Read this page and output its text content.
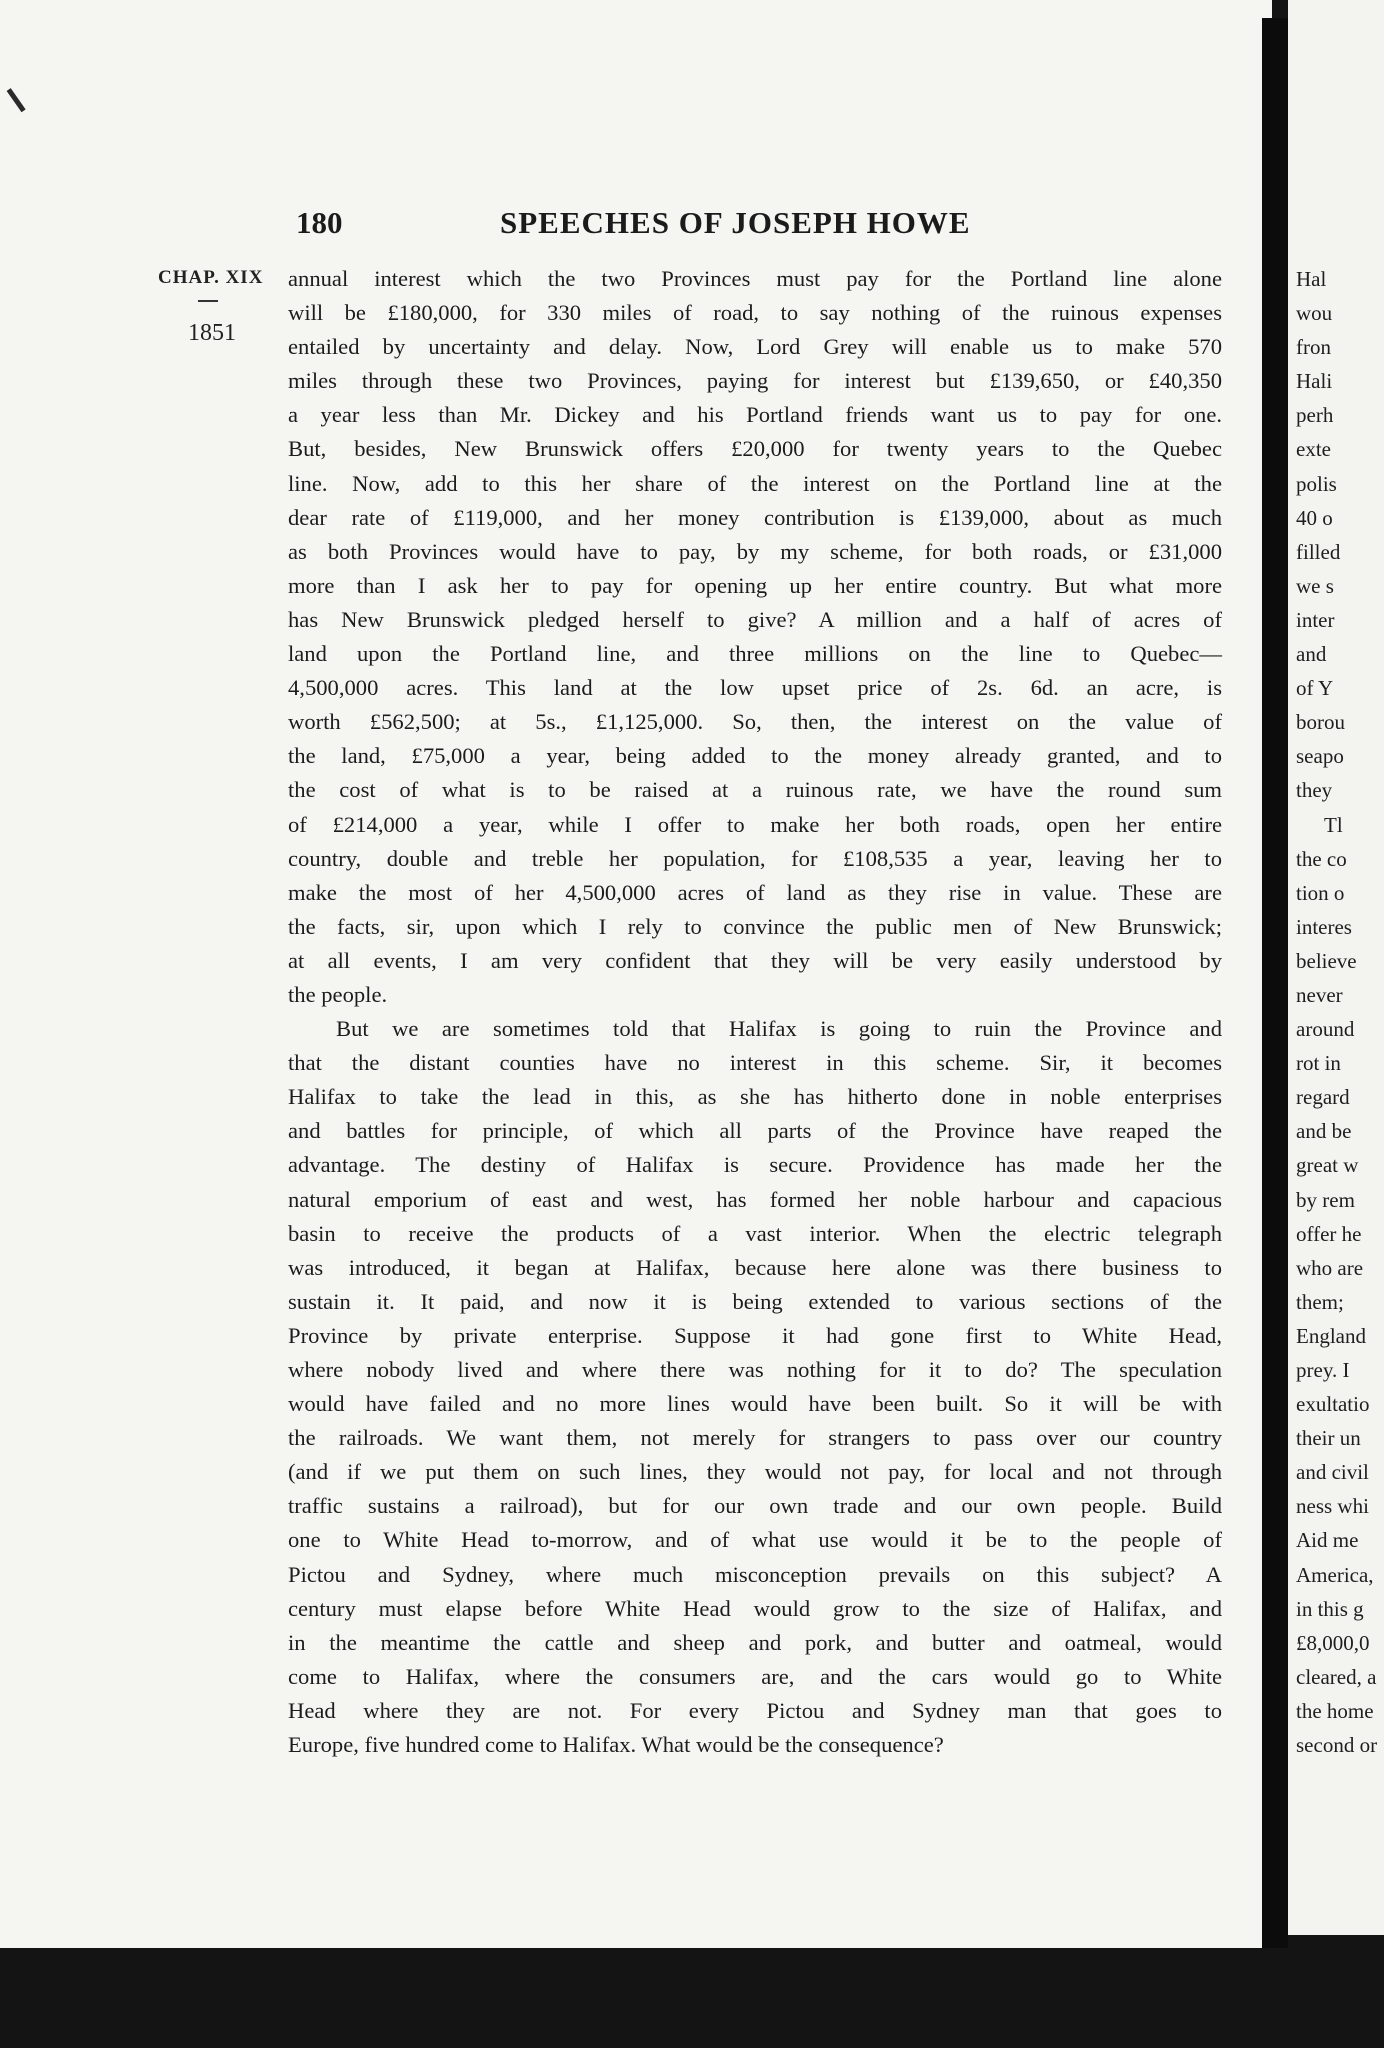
180	SPEECHES OF JOSEPH HOWE
CHAP. XIX
1851
annual interest which the two Provinces must pay for the Portland line alone
will be £180,000, for 330 miles of road, to say nothing of the ruinous expenses
entailed by uncertainty and delay. Now, Lord Grey will enable us to make 570
miles through these two Provinces, paying for interest but £139,650, or £40,350
a year less than Mr. Dickey and his Portland friends want us to pay for one.
But, besides, New Brunswick offers £20,000 for twenty years to the Quebec
line. Now, add to this her share of the interest on the Portland line at the
dear rate of £119,000, and her money contribution is £139,000, about as much
as both Provinces would have to pay, by my scheme, for both roads, or £31,000
more than I ask her to pay for opening up her entire country. But what more
has New Brunswick pledged herself to give? A million and a half of acres of
land upon the Portland line, and three millions on the line to Quebec—
4,500,000 acres. This land at the low upset price of 2s. 6d. an acre, is
worth £562,500; at 5s., £1,125,000. So, then, the interest on the value of
the land, £75,000 a year, being added to the money already granted, and to
the cost of what is to be raised at a ruinous rate, we have the round sum
of £214,000 a year, while I offer to make her both roads, open her entire
country, double and treble her population, for £108,535 a year, leaving her to
make the most of her 4,500,000 acres of land as they rise in value. These are
the facts, sir, upon which I rely to convince the public men of New Brunswick;
at all events, I am very confident that they will be very easily understood by
the people.
But we are sometimes told that Halifax is going to ruin the Province and
that the distant counties have no interest in this scheme. Sir, it becomes
Halifax to take the lead in this, as she has hitherto done in noble enterprises
and battles for principle, of which all parts of the Province have reaped the
advantage. The destiny of Halifax is secure. Providence has made her the
natural emporium of east and west, has formed her noble harbour and capacious
basin to receive the products of a vast interior. When the electric telegraph
was introduced, it began at Halifax, because here alone was there business to
sustain it. It paid, and now it is being extended to various sections of the
Province by private enterprise. Suppose it had gone first to White Head,
where nobody lived and where there was nothing for it to do? The speculation
would have failed and no more lines would have been built. So it will be with
the railroads. We want them, not merely for strangers to pass over our country
(and if we put them on such lines, they would not pay, for local and not through
traffic sustains a railroad), but for our own trade and our own people. Build
one to White Head to-morrow, and of what use would it be to the people of
Pictou and Sydney, where much misconception prevails on this subject? A
century must elapse before White Head would grow to the size of Halifax, and
in the meantime the cattle and sheep and pork, and butter and oatmeal, would
come to Halifax, where the consumers are, and the cars would go to White
Head where they are not. For every Pictou and Sydney man that goes to
Europe, five hundred come to Halifax. What would be the consequence?
Hal
wou
fron
Hali
perh
exte
polis
40 o
filled
we s
inter
and
of Y
borou
seapo
they
Tl
the co
tion o
interes
believe
never
around
rot in
regard
and be
great w
by rem
offer he
who are
them;
England
prey. I
exultatio
their un
and civil
ness whi
Aid me
America,
in this g
£8,000,0
cleared, a
the home
second or
